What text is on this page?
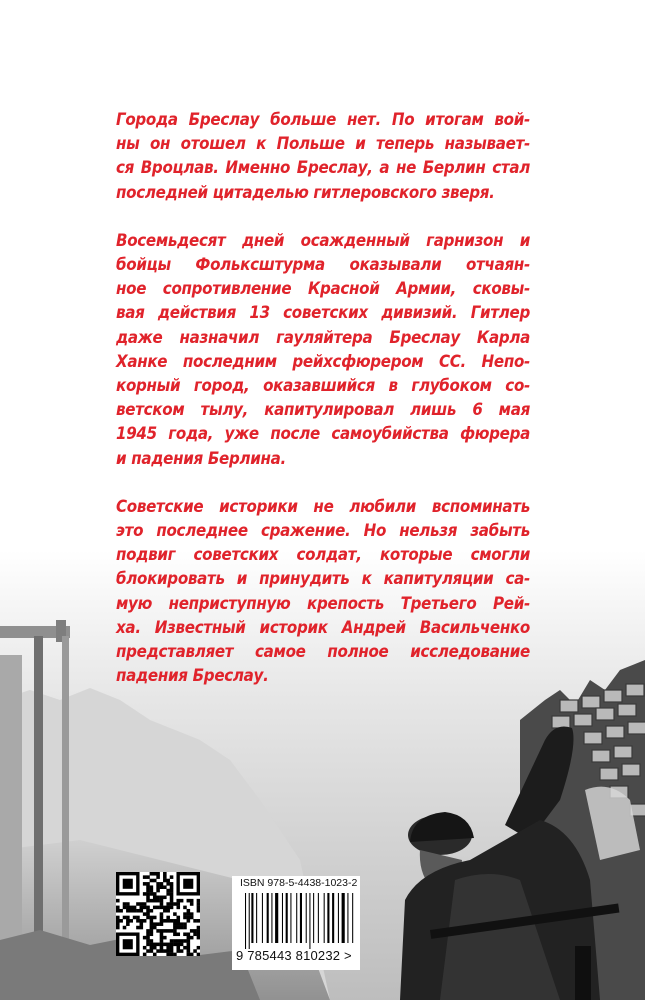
Города Бреслау больше нет. По итогам вой-
ны он отошел к Польше и теперь называет-
ся Вроцлав. Именно Бреслау, а не Берлин стал
последней цитаделью гитлеровского зверя.
Восемьдесят дней осажденный гарнизон и
бойцы Фольксштурма оказывали отчаян-
ное сопротивление Красной Армии, сковы-
вая действия 13 советских дивизий. Гитлер
даже назначил гауляйтера Бреслау Карла
Ханке последним рейхсфюрером СС. Непо-
корный город, оказавшийся в глубоком со-
ветском тылу, капитулировал лишь 6 мая
1945 года, уже после самоубийства фюрера
и падения Берлина.
Советские историки не любили вспоминать
это последнее сражение. Но нельзя забыть
подвиг советских солдат, которые смогли
блокировать и принудить к капитуляции са-
мую неприступную крепость Третьего Рей-
ха. Известный историк Андрей Васильченко
представляет самое полное исследование
падения Бреслау.
ISBN 978-5-4438-1023-2
9 785443 810232 >
